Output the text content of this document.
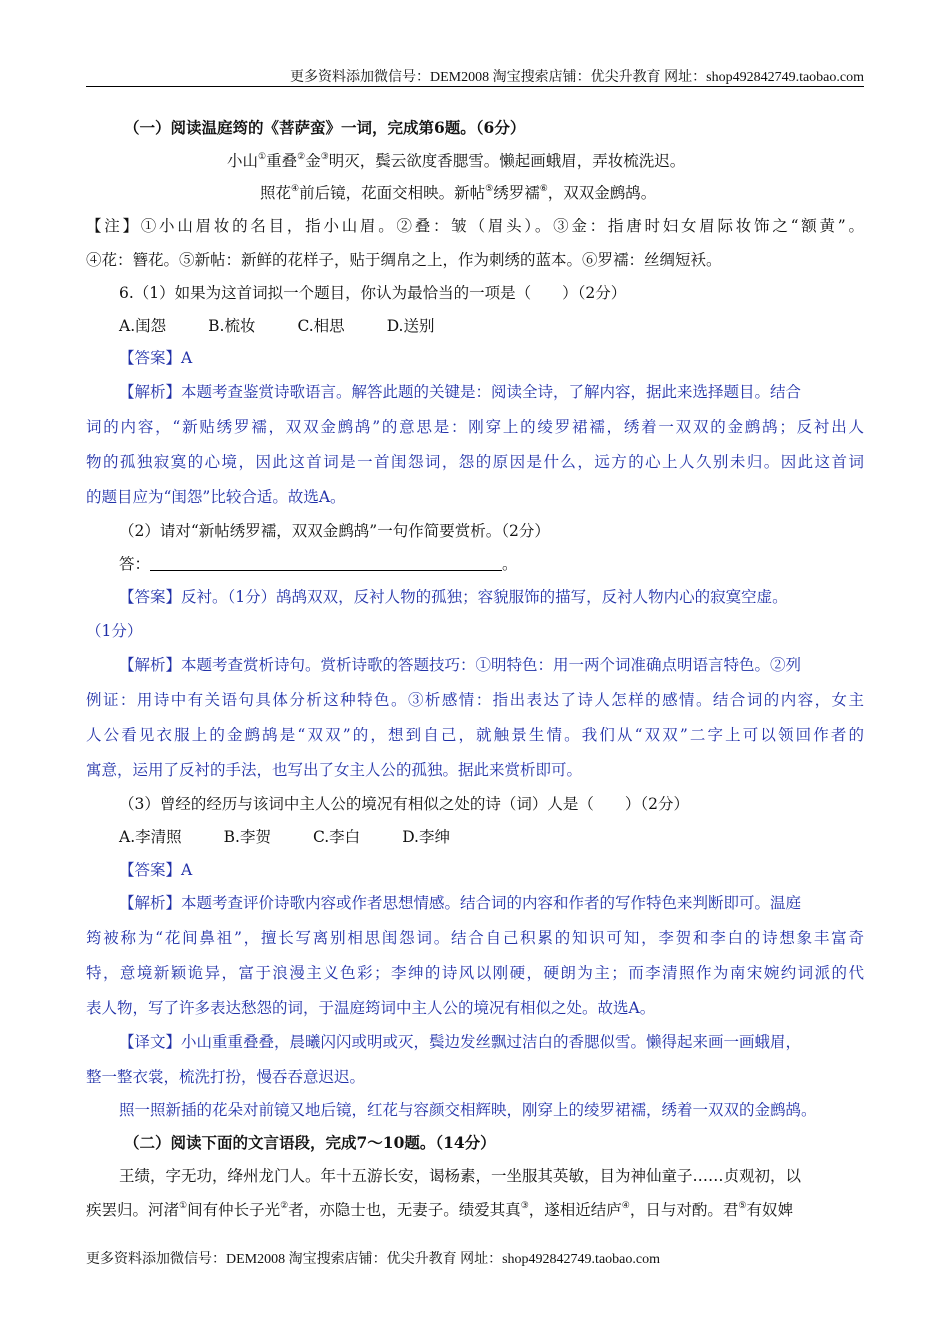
更多资料添加微信号：DEM2008 淘宝搜索店铺：优尖升教育 网址：shop492842749.taobao.com
（一）阅读温庭筠的《菩萨蛮》一词，完成第6题。（6分）
小山①重叠②金③明灭，鬓云欲度香腮雪。懒起画蛾眉，弄妆梳洗迟。
照花④前后镜，花面交相映。新帖⑤绣罗襦⑥，双双金鹧鸪。
【注】①小山眉妆的名目，指小山眉。②叠：皱（眉头）。③金：指唐时妇女眉际妆饰之“额黄”。
④花：簪花。⑤新帖：新鲜的花样子，贴于绸帛之上，作为刺绣的蓝本。⑥罗襦：丝绸短袄。
6.（1）如果为这首词拟一个题目，你认为最恰当的一项是（　　）（2分）
A.闺怨	B.梳妆	C.相思	D.送别
【答案】A
【解析】本题考查鉴赏诗歌语言。解答此题的关键是：阅读全诗，了解内容，据此来选择题目。结合
词的内容，“新贴绣罗襦，双双金鹧鸪”的意思是：刚穿上的绫罗裙襦，绣着一双双的金鹧鸪；反衬出人
物的孤独寂寞的心境，因此这首词是一首闺怨词，怨的原因是什么，远方的心上人久别未归。因此这首词
的题目应为“闺怨”比较合适。故选A。
（2）请对“新帖绣罗襦，双双金鹧鸪”一句作简要赏析。（2分）
答：	。
【答案】反衬。（1分）鸪鸪双双，反衬人物的孤独；容貌服饰的描写，反衬人物内心的寂寞空虚。
（1分）
【解析】本题考查赏析诗句。赏析诗歌的答题技巧：①明特色：用一两个词准确点明语言特色。②列
例证：用诗中有关语句具体分析这种特色。③析感情：指出表达了诗人怎样的感情。结合词的内容，女主
人公看见衣服上的金鹧鸪是“双双”的，想到自己，就触景生情。我们从“双双”二字上可以领回作者的
寓意，运用了反衬的手法，也写出了女主人公的孤独。据此来赏析即可。
（3）曾经的经历与该词中主人公的境况有相似之处的诗（词）人是（　　）（2分）
A.李清照	B.李贺	C.李白	D.李绅
【答案】A
【解析】本题考查评价诗歌内容或作者思想情感。结合词的内容和作者的写作特色来判断即可。温庭
筠被称为“花间鼻祖”，擅长写离别相思闺怨词。结合自己积累的知识可知，李贺和李白的诗想象丰富奇
特，意境新颖诡异，富于浪漫主义色彩；李绅的诗风以刚硬，硬朗为主；而李清照作为南宋婉约词派的代
表人物，写了许多表达愁怨的词，于温庭筠词中主人公的境况有相似之处。故选A。
【译文】小山重重叠叠，晨曦闪闪或明或灭，鬓边发丝飘过洁白的香腮似雪。懒得起来画一画蛾眉，
整一整衣裳，梳洗打扮，慢吞吞意迟迟。
照一照新插的花朵对前镜又地后镜，红花与容颜交相辉映，刚穿上的绫罗裙襦，绣着一双双的金鹧鸪。
（二）阅读下面的文言语段，完成7～10题。（14分）
王绩，字无功，绛州龙门人。年十五游长安，谒杨素，一坐服其英敏，目为神仙童子……贞观初，以
疾罢归。河渚①间有仲长子光②者，亦隐士也，无妻子。绩爱其真③，遂相近结庐④，日与对酌。君⑤有奴婢
更多资料添加微信号：DEM2008 淘宝搜索店铺：优尖升教育 网址：shop492842749.taobao.com
